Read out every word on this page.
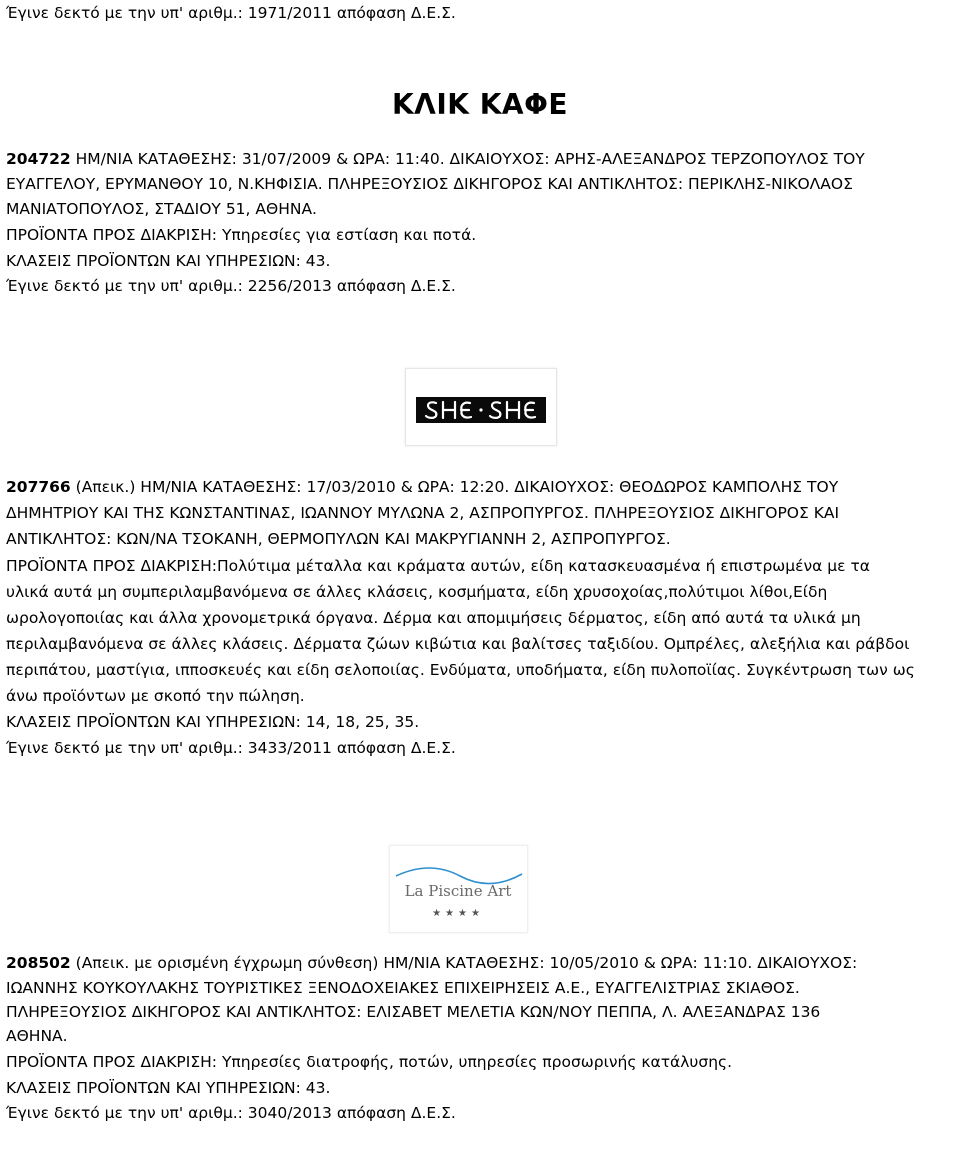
Έγινε δεκτό με την υπ' αριθμ.: 1971/2011 απόφαση Δ.Ε.Σ.
ΚΛΙΚ ΚΑΦΕ
204722 ΗΜ/ΝΙΑ ΚΑΤΑΘΕΣΗΣ: 31/07/2009 & ΩΡΑ: 11:40. ΔΙΚΑΙΟΥΧΟΣ: ΑΡΗΣ-ΑΛΕΞΑΝΔΡΟΣ ΤΕΡΖΟΠΟΥΛΟΣ ΤΟΥ
ΕΥΑΓΓΕΛΟΥ, ΕΡΥΜΑΝΘΟΥ 10, Ν.ΚΗΦΙΣΙΑ. ΠΛΗΡΕΞΟΥΣΙΟΣ ΔΙΚΗΓΟΡΟΣ ΚΑΙ ΑΝΤΙΚΛΗΤΟΣ: ΠΕΡΙΚΛΗΣ-ΝΙΚΟΛΑΟΣ
ΜΑΝΙΑΤΟΠΟΥΛΟΣ, ΣΤΑΔΙΟΥ 51, ΑΘΗΝΑ.
ΠΡΟΪΟΝΤΑ ΠΡΟΣ ΔΙΑΚΡΙΣΗ: Υπηρεσίες για εστίαση και ποτά.
ΚΛΑΣΕΙΣ ΠΡΟΪΟΝΤΩΝ ΚΑΙ ΥΠΗΡΕΣΙΩΝ: 43.
Έγινε δεκτό με την υπ' αριθμ.: 2256/2013 απόφαση Δ.Ε.Σ.
207766 (Απεικ.) ΗΜ/ΝΙΑ ΚΑΤΑΘΕΣΗΣ: 17/03/2010 & ΩΡΑ: 12:20. ΔΙΚΑΙΟΥΧΟΣ: ΘΕΟΔΩΡΟΣ ΚΑΜΠΟΛΗΣ ΤΟΥ
ΔΗΜΗΤΡΙΟΥ ΚΑΙ ΤΗΣ ΚΩΝΣΤΑΝΤΙΝΑΣ, ΙΩΑΝΝΟΥ ΜΥΛΩΝΑ 2, ΑΣΠΡΟΠΥΡΓΟΣ. ΠΛΗΡΕΞΟΥΣΙΟΣ ΔΙΚΗΓΟΡΟΣ ΚΑΙ
ΑΝΤΙΚΛΗΤΟΣ: ΚΩΝ/ΝΑ ΤΣΟΚΑΝΗ, ΘΕΡΜΟΠΥΛΩΝ ΚΑΙ ΜΑΚΡΥΓΙΑΝΝΗ 2, ΑΣΠΡΟΠΥΡΓΟΣ.
ΠΡΟΪΟΝΤΑ ΠΡΟΣ ΔΙΑΚΡΙΣΗ:Πολύτιμα μέταλλα και κράματα αυτών, είδη κατασκευασμένα ή επιστρωμένα με τα
υλικά αυτά μη συμπεριλαμβανόμενα σε άλλες κλάσεις, κοσμήματα, είδη χρυσοχοίας,πολύτιμοι λίθοι,Είδη
ωρολογοποιίας και άλλα χρονομετρικά όργανα. Δέρμα και απομιμήσεις δέρματος, είδη από αυτά τα υλικά μη
περιλαμβανόμενα σε άλλες κλάσεις. Δέρματα ζώων κιβώτια και βαλίτσες ταξιδίου. Ομπρέλες, αλεξήλια και ράβδοι
περιπάτου, μαστίγια, ιπποσκευές και είδη σελοποιίας. Ενδύματα, υποδήματα, είδη πυλοποϊίας. Συγκέντρωση των ως
άνω προϊόντων με σκοπό την πώληση.
ΚΛΑΣΕΙΣ ΠΡΟΪΟΝΤΩΝ ΚΑΙ ΥΠΗΡΕΣΙΩΝ: 14, 18, 25, 35.
Έγινε δεκτό με την υπ' αριθμ.: 3433/2011 απόφαση Δ.Ε.Σ.
La Piscine Art
★★★★
208502 (Απεικ. με ορισμένη έγχρωμη σύνθεση) ΗΜ/ΝΙΑ ΚΑΤΑΘΕΣΗΣ: 10/05/2010 & ΩΡΑ: 11:10. ΔΙΚΑΙΟΥΧΟΣ:
ΙΩΑΝΝΗΣ ΚΟΥΚΟΥΛΑΚΗΣ ΤΟΥΡΙΣΤΙΚΕΣ ΞΕΝΟΔΟΧΕΙΑΚΕΣ ΕΠΙΧΕΙΡΗΣΕΙΣ Α.Ε., ΕΥΑΓΓΕΛΙΣΤΡΙΑΣ ΣΚΙΑΘΟΣ.
ΠΛΗΡΕΞΟΥΣΙΟΣ ΔΙΚΗΓΟΡΟΣ ΚΑΙ ΑΝΤΙΚΛΗΤΟΣ: ΕΛΙΣΑΒΕΤ ΜΕΛΕΤΙΑ ΚΩΝ/ΝΟΥ ΠΕΠΠΑ, Λ. ΑΛΕΞΑΝΔΡΑΣ 136
ΑΘΗΝΑ.
ΠΡΟΪΟΝΤΑ ΠΡΟΣ ΔΙΑΚΡΙΣΗ: Υπηρεσίες διατροφής, ποτών, υπηρεσίες προσωρινής κατάλυσης.
ΚΛΑΣΕΙΣ ΠΡΟΪΟΝΤΩΝ ΚΑΙ ΥΠΗΡΕΣΙΩΝ: 43.
Έγινε δεκτό με την υπ' αριθμ.: 3040/2013 απόφαση Δ.Ε.Σ.
